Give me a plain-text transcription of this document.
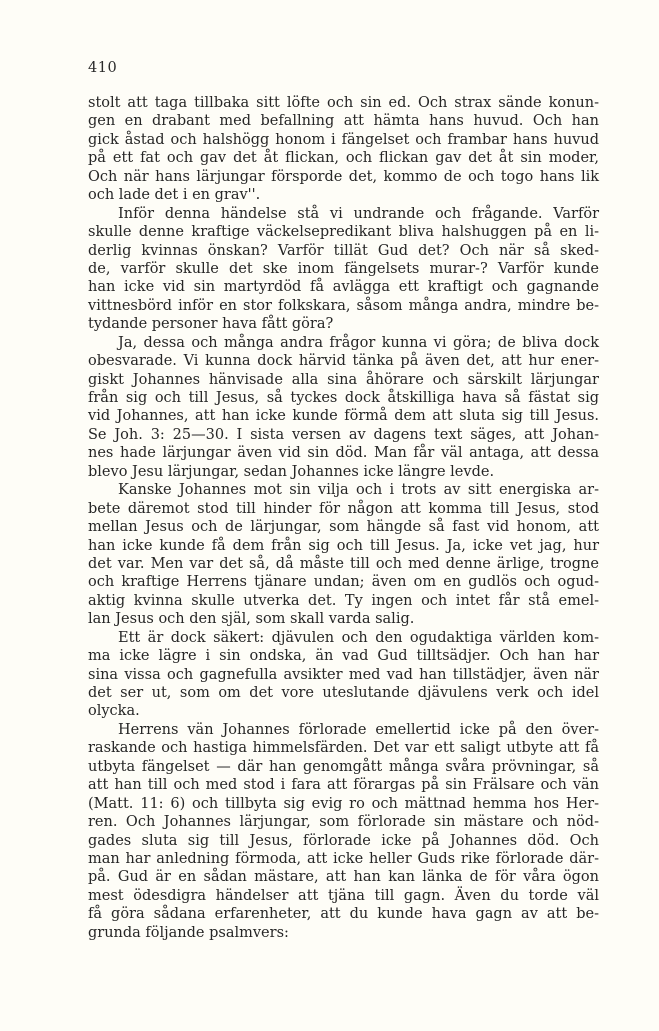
410
stolt att taga tillbaka sitt löfte och sin ed. Och strax sände konun-
gen en drabant med befallning att hämta hans huvud. Och han
gick åstad och halshögg honom i fängelset och frambar hans huvud
på ett fat och gav det åt flickan, och flickan gav det åt sin moder,
Och när hans lärjungar försporde det, kommo de och togo hans lik
och lade det i en grav''.
Inför denna händelse stå vi undrande och frågande. Varför
skulle denne kraftige väckelsepredikant bliva halshuggen på en li-
derlig kvinnas önskan? Varför tillät Gud det? Och när så sked-
de, varför skulle det ske inom fängelsets murar-? Varför kunde
han icke vid sin martyrdöd få avlägga ett kraftigt och gagnande
vittnesbörd inför en stor folkskara, såsom många andra, mindre be-
tydande personer hava fått göra?
Ja, dessa och många andra frågor kunna vi göra; de bliva dock
obesvarade. Vi kunna dock härvid tänka på även det, att hur ener-
giskt Johannes hänvisade alla sina åhörare och särskilt lärjungar
från sig och till Jesus, så tyckes dock åtskilliga hava så fästat sig
vid Johannes, att han icke kunde förmå dem att sluta sig till Jesus.
Se Joh. 3: 25—30. I sista versen av dagens text säges, att Johan-
nes hade lärjungar även vid sin död. Man får väl antaga, att dessa
blevo Jesu lärjungar, sedan Johannes icke längre levde.
Kanske Johannes mot sin vilja och i trots av sitt energiska ar-
bete däremot stod till hinder för någon att komma till Jesus, stod
mellan Jesus och de lärjungar, som hängde så fast vid honom, att
han icke kunde få dem från sig och till Jesus. Ja, icke vet jag, hur
det var. Men var det så, då måste till och med denne ärlige, trogne
och kraftige Herrens tjänare undan; även om en gudlös och ogud-
aktig kvinna skulle utverka det. Ty ingen och intet får stå emel-
lan Jesus och den själ, som skall varda salig.
Ett är dock säkert: djävulen och den ogudaktiga världen kom-
ma icke lägre i sin ondska, än vad Gud tilltsädjer. Och han har
sina vissa och gagnefulla avsikter med vad han tillstädjer, även när
det ser ut, som om det vore uteslutande djävulens verk och idel
olycka.
Herrens vän Johannes förlorade emellertid icke på den över-
raskande och hastiga himmelsfärden. Det var ett saligt utbyte att få
utbyta fängelset — där han genomgått många svåra prövningar, så
att han till och med stod i fara att förargas på sin Frälsare och vän
(Matt. 11: 6) och tillbyta sig evig ro och mättnad hemma hos Her-
ren. Och Johannes lärjungar, som förlorade sin mästare och nöd-
gades sluta sig till Jesus, förlorade icke på Johannes död. Och
man har anledning förmoda, att icke heller Guds rike förlorade där-
på. Gud är en sådan mästare, att han kan länka de för våra ögon
mest ödesdigra händelser att tjäna till gagn. Även du torde väl
få göra sådana erfarenheter, att du kunde hava gagn av att be-
grunda följande psalmvers:
